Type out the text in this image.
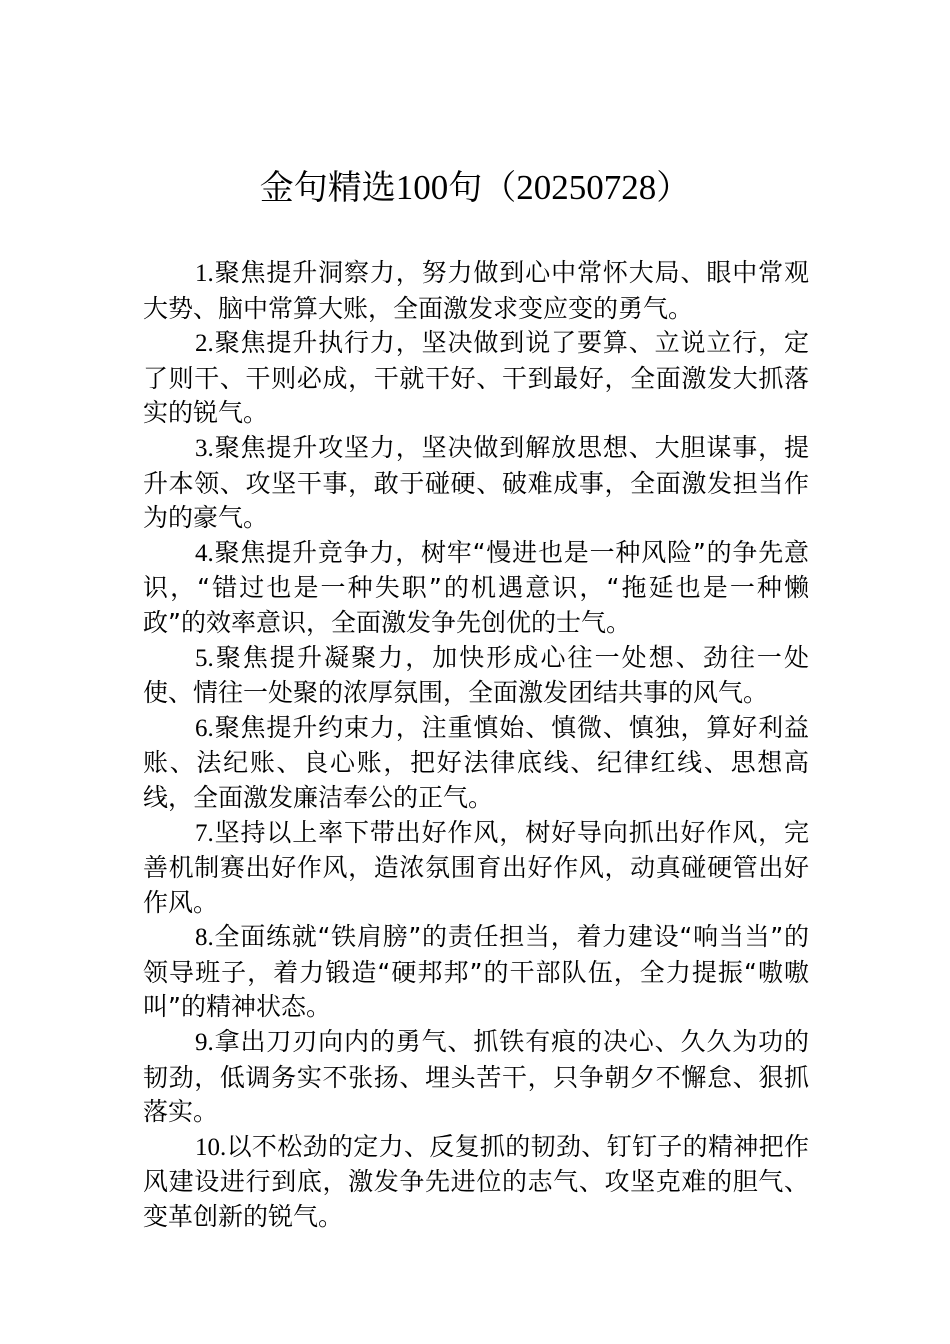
金句精选100句（20250728）

1.聚焦提升洞察力，努力做到心中常怀大局、眼中常观大势、脑中常算大账，全面激发求变应变的勇气。

2.聚焦提升执行力，坚决做到说了要算、立说立行，定了则干、干则必成，干就干好、干到最好，全面激发大抓落实的锐气。

3.聚焦提升攻坚力，坚决做到解放思想、大胆谋事，提升本领、攻坚干事，敢于碰硬、破难成事，全面激发担当作为的豪气。

4.聚焦提升竞争力，树牢“慢进也是一种风险”的争先意识，“错过也是一种失职”的机遇意识，“拖延也是一种懒政”的效率意识，全面激发争先创优的士气。

5.聚焦提升凝聚力，加快形成心往一处想、劲往一处使、情往一处聚的浓厚氛围，全面激发团结共事的风气。

6.聚焦提升约束力，注重慎始、慎微、慎独，算好利益账、法纪账、良心账，把好法律底线、纪律红线、思想高线，全面激发廉洁奉公的正气。

7.坚持以上率下带出好作风，树好导向抓出好作风，完善机制赛出好作风，造浓氛围育出好作风，动真碰硬管出好作风。

8.全面练就“铁肩膀”的责任担当，着力建设“响当当”的领导班子，着力锻造“硬邦邦”的干部队伍，全力提振“嗷嗷叫”的精神状态。

9.拿出刀刃向内的勇气、抓铁有痕的决心、久久为功的韧劲，低调务实不张扬、埋头苦干，只争朝夕不懈怠、狠抓落实。

10.以不松劲的定力、反复抓的韧劲、钉钉子的精神把作风建设进行到底，激发争先进位的志气、攻坚克难的胆气、变革创新的锐气。
